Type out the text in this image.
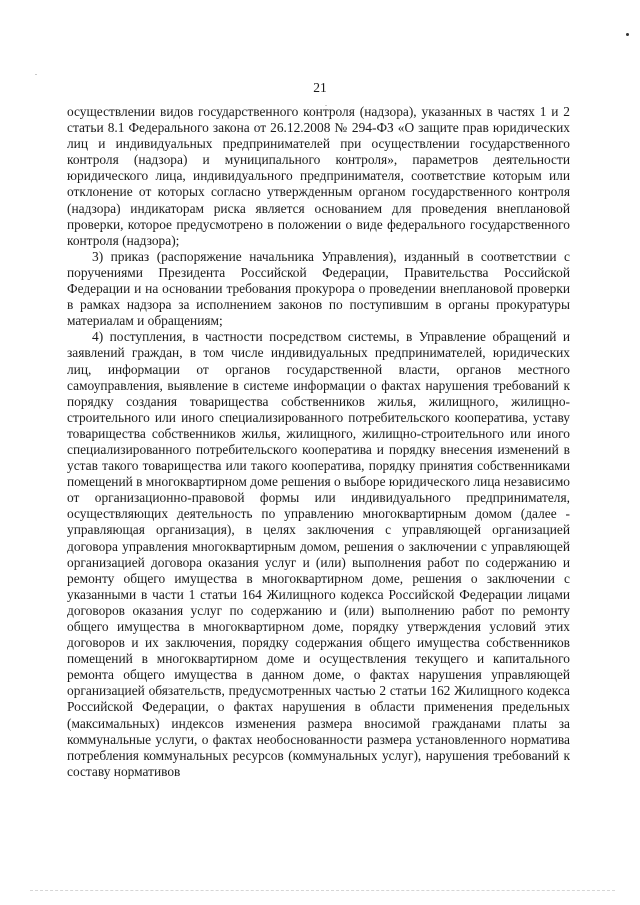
21

осуществлении видов государственного контроля (надзора), указанных в частях 1 и 2 статьи 8.1 Федерального закона от 26.12.2008 № 294-ФЗ «О защите прав юридических лиц и индивидуальных предпринимателей при осуществлении государственного контроля (надзора) и муниципального контроля», параметров деятельности юридического лица, индивидуального предпринимателя, соответствие которым или отклонение от которых согласно утвержденным органом государственного контроля (надзора) индикаторам риска является основанием для проведения внеплановой проверки, которое предусмотрено в положении о виде федерального государственного контроля (надзора);

3) приказ (распоряжение начальника Управления), изданный в соответствии с поручениями Президента Российской Федерации, Правительства Российской Федерации и на основании требования прокурора о проведении внеплановой проверки в рамках надзора за исполнением законов по поступившим в органы прокуратуры материалам и обращениям;

4) поступления, в частности посредством системы, в Управление обращений и заявлений граждан, в том числе индивидуальных предпринимателей, юридических лиц, информации от органов государственной власти, органов местного самоуправления, выявление в системе информации о фактах нарушения требований к порядку создания товарищества собственников жилья, жилищного, жилищно-строительного или иного специализированного потребительского кооператива, уставу товарищества собственников жилья, жилищного, жилищно-строительного или иного специализированного потребительского кооператива и порядку внесения изменений в устав такого товарищества или такого кооператива, порядку принятия собственниками помещений в многоквартирном доме решения о выборе юридического лица независимо от организационно-правовой формы или индивидуального предпринимателя, осуществляющих деятельность по управлению многоквартирным домом (далее - управляющая организация), в целях заключения с управляющей организацией договора управления многоквартирным домом, решения о заключении с управляющей организацией договора оказания услуг и (или) выполнения работ по содержанию и ремонту общего имущества в многоквартирном доме, решения о заключении с указанными в части 1 статьи 164 Жилищного кодекса Российской Федерации лицами договоров оказания услуг по содержанию и (или) выполнению работ по ремонту общего имущества в многоквартирном доме, порядку утверждения условий этих договоров и их заключения, порядку содержания общего имущества собственников помещений в многоквартирном доме и осуществления текущего и капитального ремонта общего имущества в данном доме, о фактах нарушения управляющей организацией обязательств, предусмотренных частью 2 статьи 162 Жилищного кодекса Российской Федерации, о фактах нарушения в области применения предельных (максимальных) индексов изменения размера вносимой гражданами платы за коммунальные услуги, о фактах необоснованности размера установленного норматива потребления коммунальных ресурсов (коммунальных услуг), нарушения требований к составу нормативов
